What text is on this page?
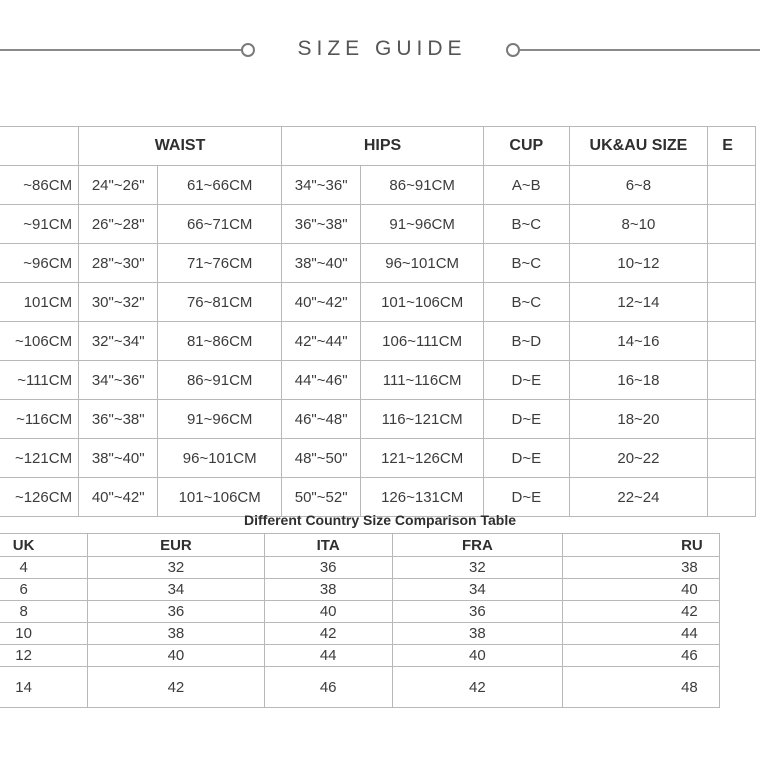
SIZE GUIDE
	WAIST		HIPS		CUP	UK&AU SIZE	E
~86CM	24"~26"	61~66CM	34"~36"	86~91CM	A~B	6~8	
~91CM	26"~28"	66~71CM	36"~38"	91~96CM	B~C	8~10	
~96CM	28"~30"	71~76CM	38"~40"	96~101CM	B~C	10~12	
101CM	30"~32"	76~81CM	40"~42"	101~106CM	B~C	12~14	
~106CM	32"~34"	81~86CM	42"~44"	106~111CM	B~D	14~16	
~111CM	34"~36"	86~91CM	44"~46"	111~116CM	D~E	16~18	
~116CM	36"~38"	91~96CM	46"~48"	116~121CM	D~E	18~20	
~121CM	38"~40"	96~101CM	48"~50"	121~126CM	D~E	20~22	
~126CM	40"~42"	101~106CM	50"~52"	126~131CM	D~E	22~24	
Different Country Size Comparison Table
UK	EUR	ITA	FRA	RU
4	32	36	32	38
6	34	38	34	40
8	36	40	36	42
10	38	42	38	44
12	40	44	40	46
14	42	46	42	48
